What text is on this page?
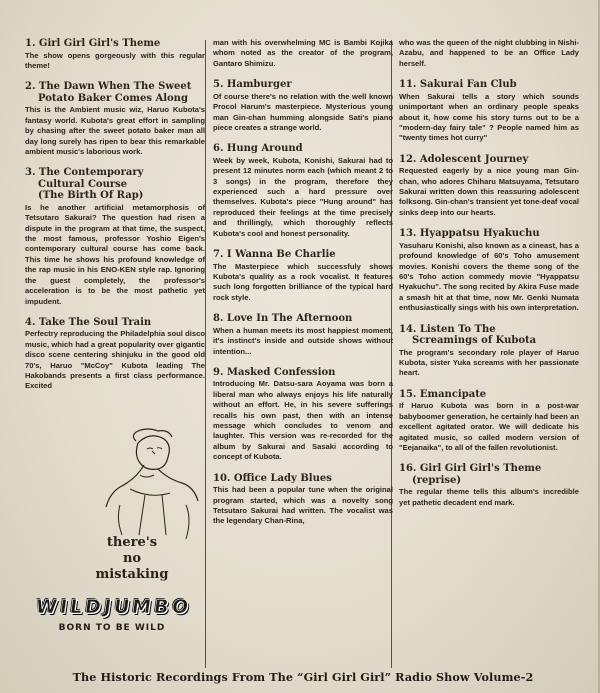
1. Girl Girl Girl's Theme

The show opens gorgeously with this regular theme!

2. The Dawn When The Sweet
Potato Baker Comes Along

This is the Ambient music wiz, Haruo Kubota's fantasy world. Kubota's great effort in sampling by chasing after the sweet potato baker man all day long surely has ripen to bear this remarkable ambient music's laborious work.

3. The Contemporary
Cultural Course
(The Birth Of Rap)

Is he another artificial metamorphosis of Tetsutaro Sakurai? The question had risen a dispute in the program at that time, the suspect, the most famous, professor Yoshio Eigen's contemporary cultural course has come back. This time he shows his profound knowledge of the rap music in his ENO-KEN style rap. Ignoring the guest completely, the professor's acceleration is to be the most pathetic yet impudent.

4. Take The Soul Train

Perfectry reproducing the Philadelphia soul disco music, which had a great popularity over gigantic disco scene centering shinjuku in the good old 70's, Haruo "McCoy" Kubota leading The Hakobands presents a first class performance. Excited

there's
no
mistaking
W I L D J U M B O
BORN TO BE WILD

man with his overwhelming MC is Bambi Kojika whom noted as the creator of the program, Gantaro Shimizu.

5. Hamburger

Of course there's no relation with the well known Procol Harum's masterpiece. Mysterious young man Gin-chan humming alongside Sati's piano piece creates a strange world.

6. Hung Around

Week by week, Kubota, Konishi, Sakurai had to present 12 minutes norm each (which meant 2 to 3 songs) in the program, therefore they experienced such a hard pressure over themselves. Kubota's piece "Hung around" has reproduced their feelings at the time precisely and thrillingly, which thoroughly reflects Kubota's cool and honest personality.

7. I Wanna Be Charlie

The Masterpiece which successfuly shows Kubota's quality as a rock vocalist. It features such long forgotten brilliance of the typical hard rock style.

8. Love In The Afternoon

When a human meets its most happiest moment, it's instinct's inside and outside shows without intention...

9. Masked Confession

Introducing Mr. Datsu-sara Aoyama was born a liberal man who always enjoys his life naturally without an effort. He, in his severe sufferings recalls his own past, then with an intense message which concludes to venom and laughter. This version was re-recorded for the album by Sakurai and Sasaki according to concept of Kubota.

10. Office Lady Blues

This had been a popular tune when the original program started, which was a novelty song Tetsutaro Sakurai had written. The vocalist was the legendary Chan-Rina,

who was the queen of the night clubbing in Nishi-Azabu, and happened to be an Office Lady herself.

11. Sakurai Fan Club

When Sakurai tells a story which sounds unimportant when an ordinary people speaks about it, how come his story turns out to be a "modern-day fairy tale" ? People named him as "twenty times hot curry"

12. Adolescent Journey

Requested eagerly by a nice young man Gin-chan, who adores Chiharu Matsuyama, Tetsutaro Sakurai written down this reassuring adolescent folksong. Gin-chan's transient yet tone-deaf vocal sinks deep into our hearts.

13. Hyappatsu Hyakuchu

Yasuharu Konishi, also known as a cineast, has a profound knowledge of 60's Toho amusement movies. Konishi covers the theme song of the 60's Toho action commedy movie "Hyappatsu Hyakuchu". The song recited by Akira Fuse made a smash hit at that time, now Mr. Genki Numata enthusiastically sings with his own interpretation.

14. Listen To The
Screamings of Kubota

The program's secondary role player of Haruo Kubota, sister Yuka screams with her passionate heart.

15. Emancipate

If Haruo Kubota was born in a post-war babyboomer generation, he certainly had been an excellent agitated orator. We will dedicate his agitated music, so called modern version of "Eejanaika", to all of the fallen revolutionist.

16. Girl Girl Girl's Theme
(reprise)

The regular theme tells this album's incredible yet pathetic decadent end mark.

The Historic Recordings From The “Girl Girl Girl” Radio Show Volume-2
